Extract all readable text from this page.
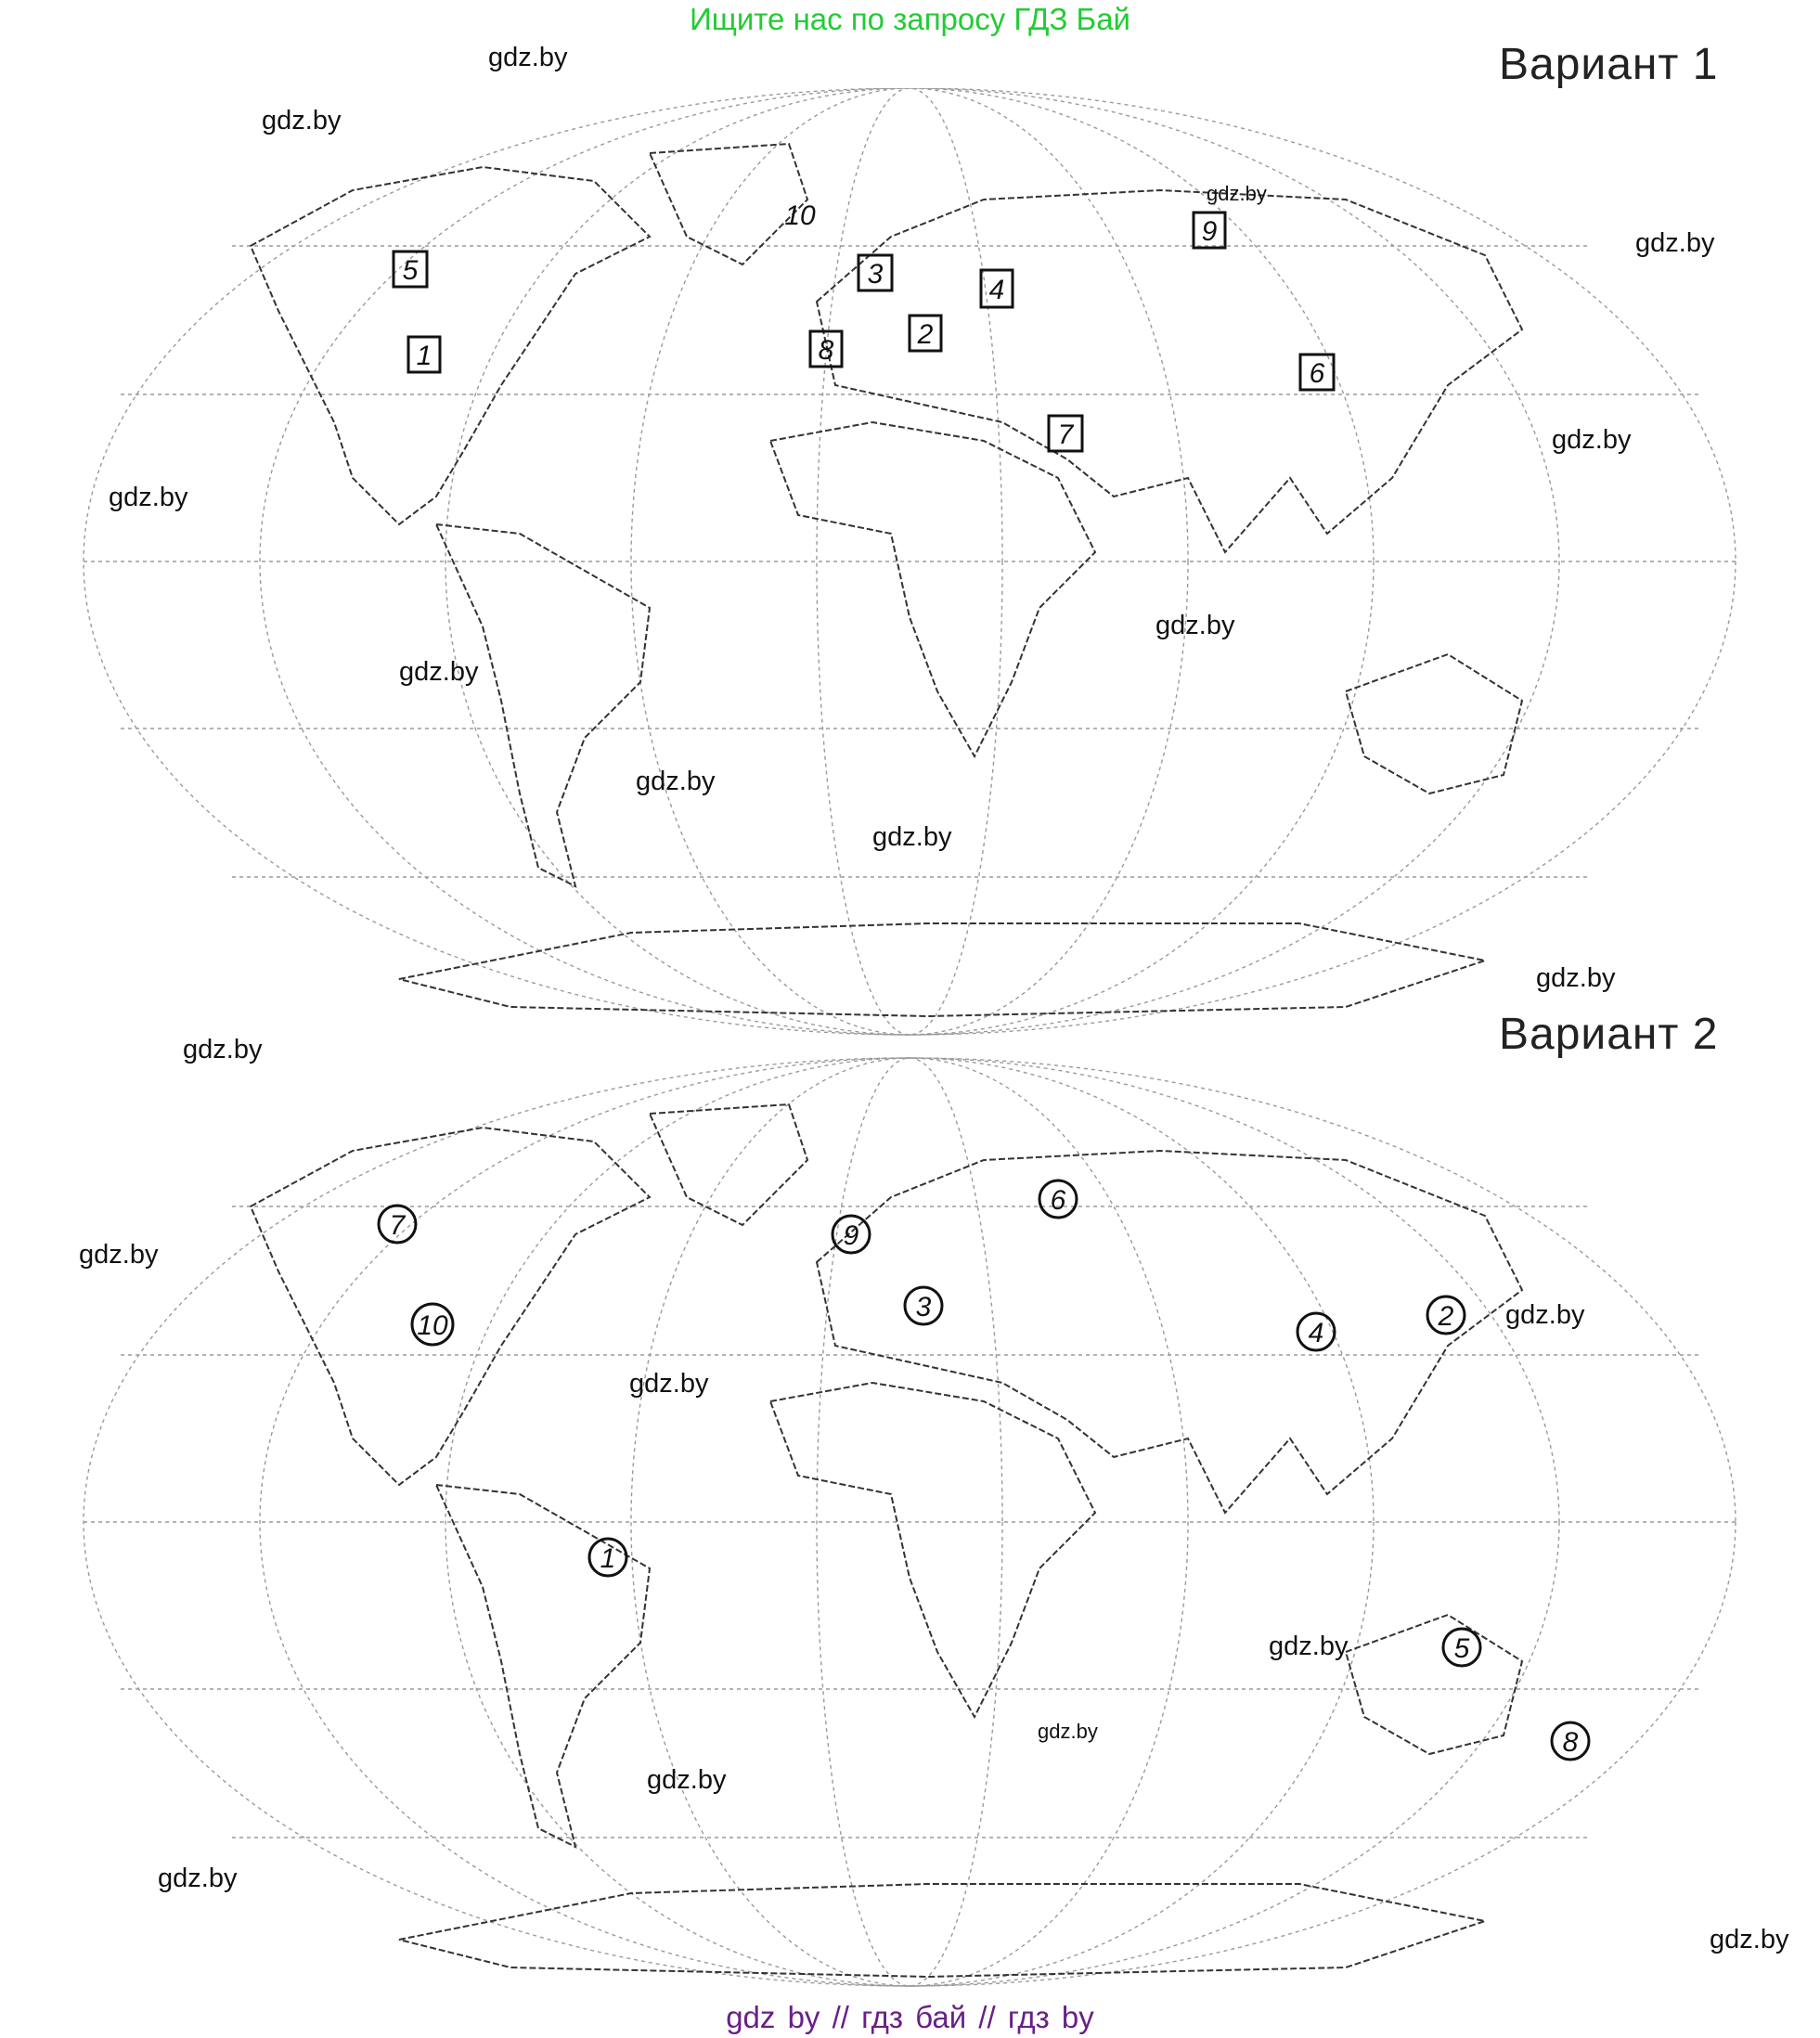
Ищите нас по запросу ГДЗ Бай
Вариант 1
1
2
3
4
5
6
7
8
9
10
Вариант 2
1
2
3
4
5
6
7
8
9
10
gdz.by
gdz.by
gdz.by
gdz.by
gdz.by
gdz.by
gdz.by
gdz.by
gdz.by
gdz.by
gdz.by
gdz.by
gdz.by
gdz.by
gdz.by
gdz.by
gdz.by
gdz.by
gdz.by
gdz.by
gdz by // гдз бай // гдз by
